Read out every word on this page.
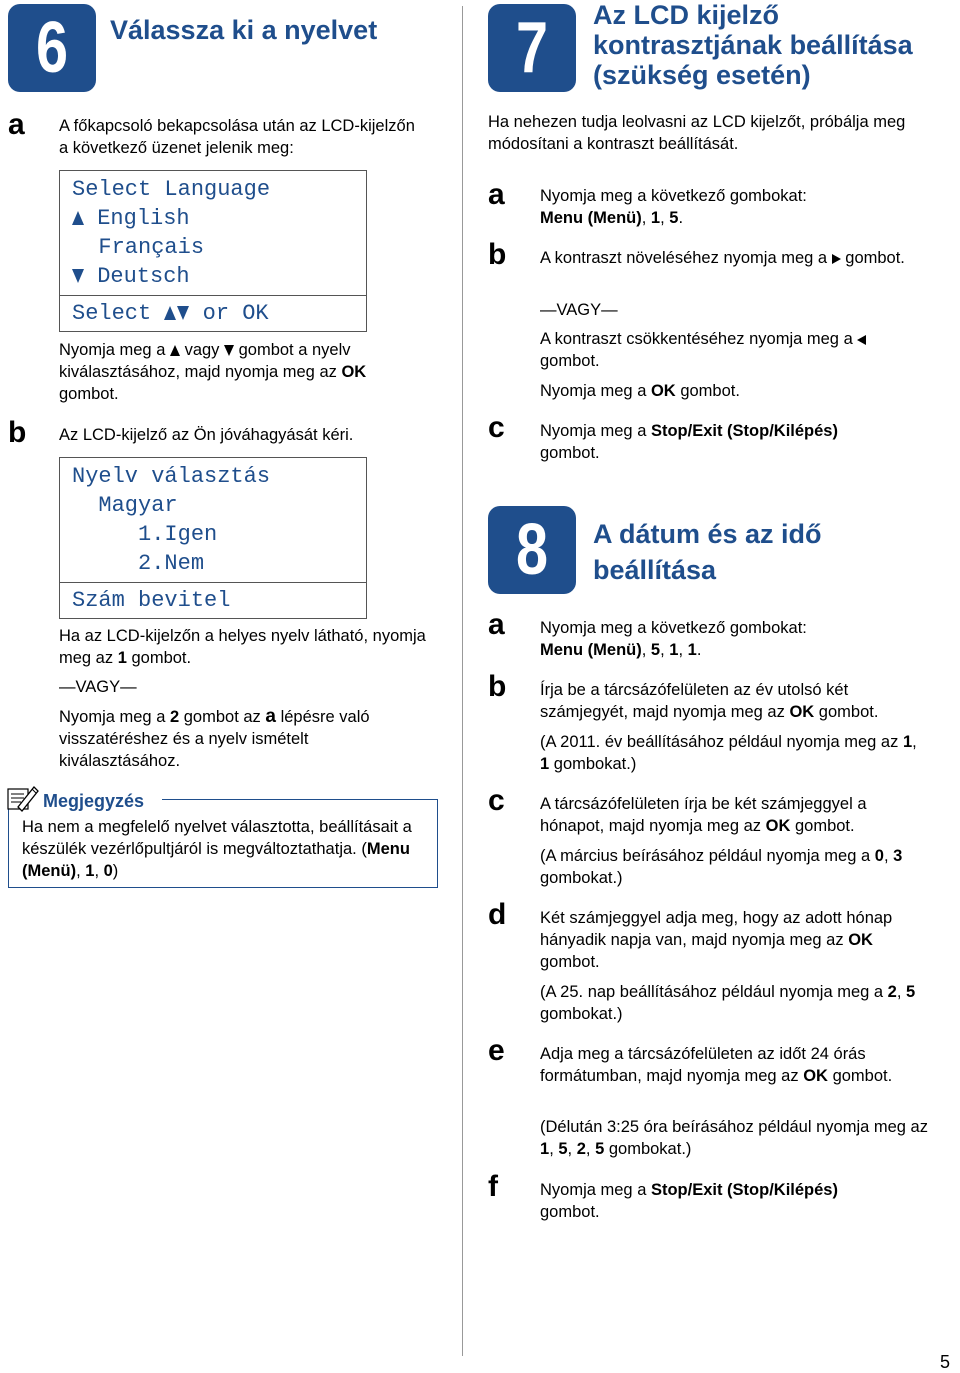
6	Válassza ki a nyelvet
a A főkapcsoló bekapcsolása után az LCD-kijelzőn a következő üzenet jelenik meg:
Select Language
English
Français
Deutsch
Select  or OK
Nyomja meg a vagy gombot a nyelv kiválasztásához, majd nyomja meg az OK gombot.
b Az LCD-kijelző az Ön jóváhagyását kéri.
Nyelv választás
Magyar
1.Igen
2.Nem
Szám bevitel
Ha az LCD-kijelzőn a helyes nyelv látható, nyomja meg az 1 gombot.
—VAGY—
Nyomja meg a 2 gombot az a lépésre való visszatéréshez és a nyelv ismételt kiválasztásához.
Megjegyzés
Ha nem a megfelelő nyelvet választotta, beállításait a készülék vezérlőpultjáról is megváltoztathatja. (Menu (Menü), 1, 0)
7	Az LCD kijelző
kontrasztjának beállítása
(szükség esetén)
Ha nehezen tudja leolvasni az LCD kijelzőt, próbálja meg módosítani a kontraszt beállítását.
a Nyomja meg a következő gombokat:
Menu (Menü), 1, 5.
b A kontraszt növeléséhez nyomja meg a gombot.
—VAGY—
A kontraszt csökkentéséhez nyomja meg a  gombot.
Nyomja meg a OK gombot.
c Nyomja meg a Stop/Exit (Stop/Kilépés)
gombot.
8	A dátum és az idő
beállítása
a Nyomja meg a következő gombokat:
Menu (Menü), 5, 1, 1.
b Írja be a tárcsázófelületen az év utolsó két számjegyét, majd nyomja meg az OK gombot.
(A 2011. év beállításához például nyomja meg az 1, 1 gombokat.)
c A tárcsázófelületen írja be két számjeggyel a hónapot, majd nyomja meg az OK gombot.
(A március beírásához például nyomja meg a 0, 3 gombokat.)
d Két számjeggyel adja meg, hogy az adott hónap hányadik napja van, majd nyomja meg az OK gombot.
(A 25. nap beállításához például nyomja meg a 2, 5 gombokat.)
e Adja meg a tárcsázófelületen az időt 24 órás formátumban, majd nyomja meg az OK gombot.
(Délután 3:25 óra beírásához például nyomja meg az 1, 5, 2, 5 gombokat.)
f	Nyomja meg a Stop/Exit (Stop/Kilépés)
gombot.
5
